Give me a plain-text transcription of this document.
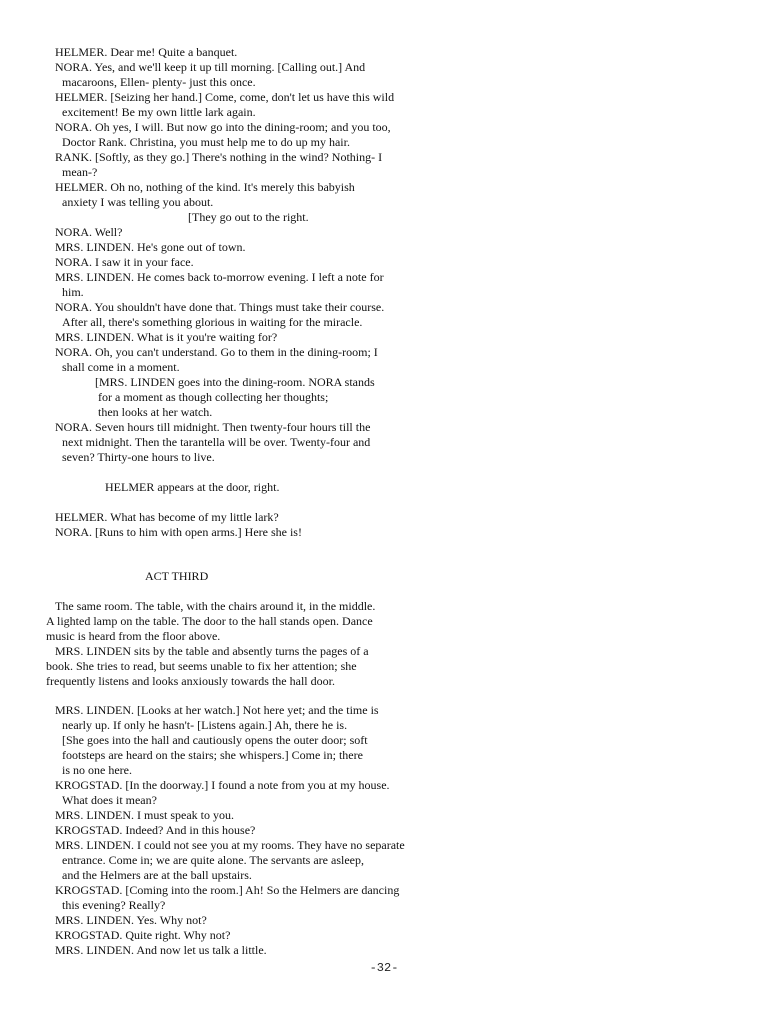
HELMER. Dear me! Quite a banquet.
NORA. Yes, and we'll keep it up till morning. [Calling out.] And
macaroons, Ellen- plenty- just this once.
HELMER. [Seizing her hand.] Come, come, don't let us have this wild
excitement! Be my own little lark again.
NORA. Oh yes, I will. But now go into the dining-room; and you too,
Doctor Rank. Christina, you must help me to do up my hair.
RANK. [Softly, as they go.] There's nothing in the wind? Nothing- I
mean-?
HELMER. Oh no, nothing of the kind. It's merely this babyish
anxiety I was telling you about.
[They go out to the right.
NORA. Well?
MRS. LINDEN. He's gone out of town.
NORA. I saw it in your face.
MRS. LINDEN. He comes back to-morrow evening. I left a note for
him.
NORA. You shouldn't have done that. Things must take their course.
After all, there's something glorious in waiting for the miracle.
MRS. LINDEN. What is it you're waiting for?
NORA. Oh, you can't understand. Go to them in the dining-room; I
shall come in a moment.
[MRS. LINDEN goes into the dining-room. NORA stands
for a moment as though collecting her thoughts;
then looks at her watch.
NORA. Seven hours till midnight. Then twenty-four hours till the
next midnight. Then the tarantella will be over. Twenty-four and
seven? Thirty-one hours to live.
HELMER appears at the door, right.
HELMER. What has become of my little lark?
NORA. [Runs to him with open arms.] Here she is!
ACT THIRD
The same room. The table, with the chairs around it, in the middle.
A lighted lamp on the table. The door to the hall stands open. Dance
music is heard from the floor above.
MRS. LINDEN sits by the table and absently turns the pages of a
book. She tries to read, but seems unable to fix her attention; she
frequently listens and looks anxiously towards the hall door.
MRS. LINDEN. [Looks at her watch.] Not here yet; and the time is
nearly up. If only he hasn't- [Listens again.] Ah, there he is.
[She goes into the hall and cautiously opens the outer door; soft
footsteps are heard on the stairs; she whispers.] Come in; there
is no one here.
KROGSTAD. [In the doorway.] I found a note from you at my house.
What does it mean?
MRS. LINDEN. I must speak to you.
KROGSTAD. Indeed? And in this house?
MRS. LINDEN. I could not see you at my rooms. They have no separate
entrance. Come in; we are quite alone. The servants are asleep,
and the Helmers are at the ball upstairs.
KROGSTAD. [Coming into the room.] Ah! So the Helmers are dancing
this evening? Really?
MRS. LINDEN. Yes. Why not?
KROGSTAD. Quite right. Why not?
MRS. LINDEN. And now let us talk a little.
-32-
